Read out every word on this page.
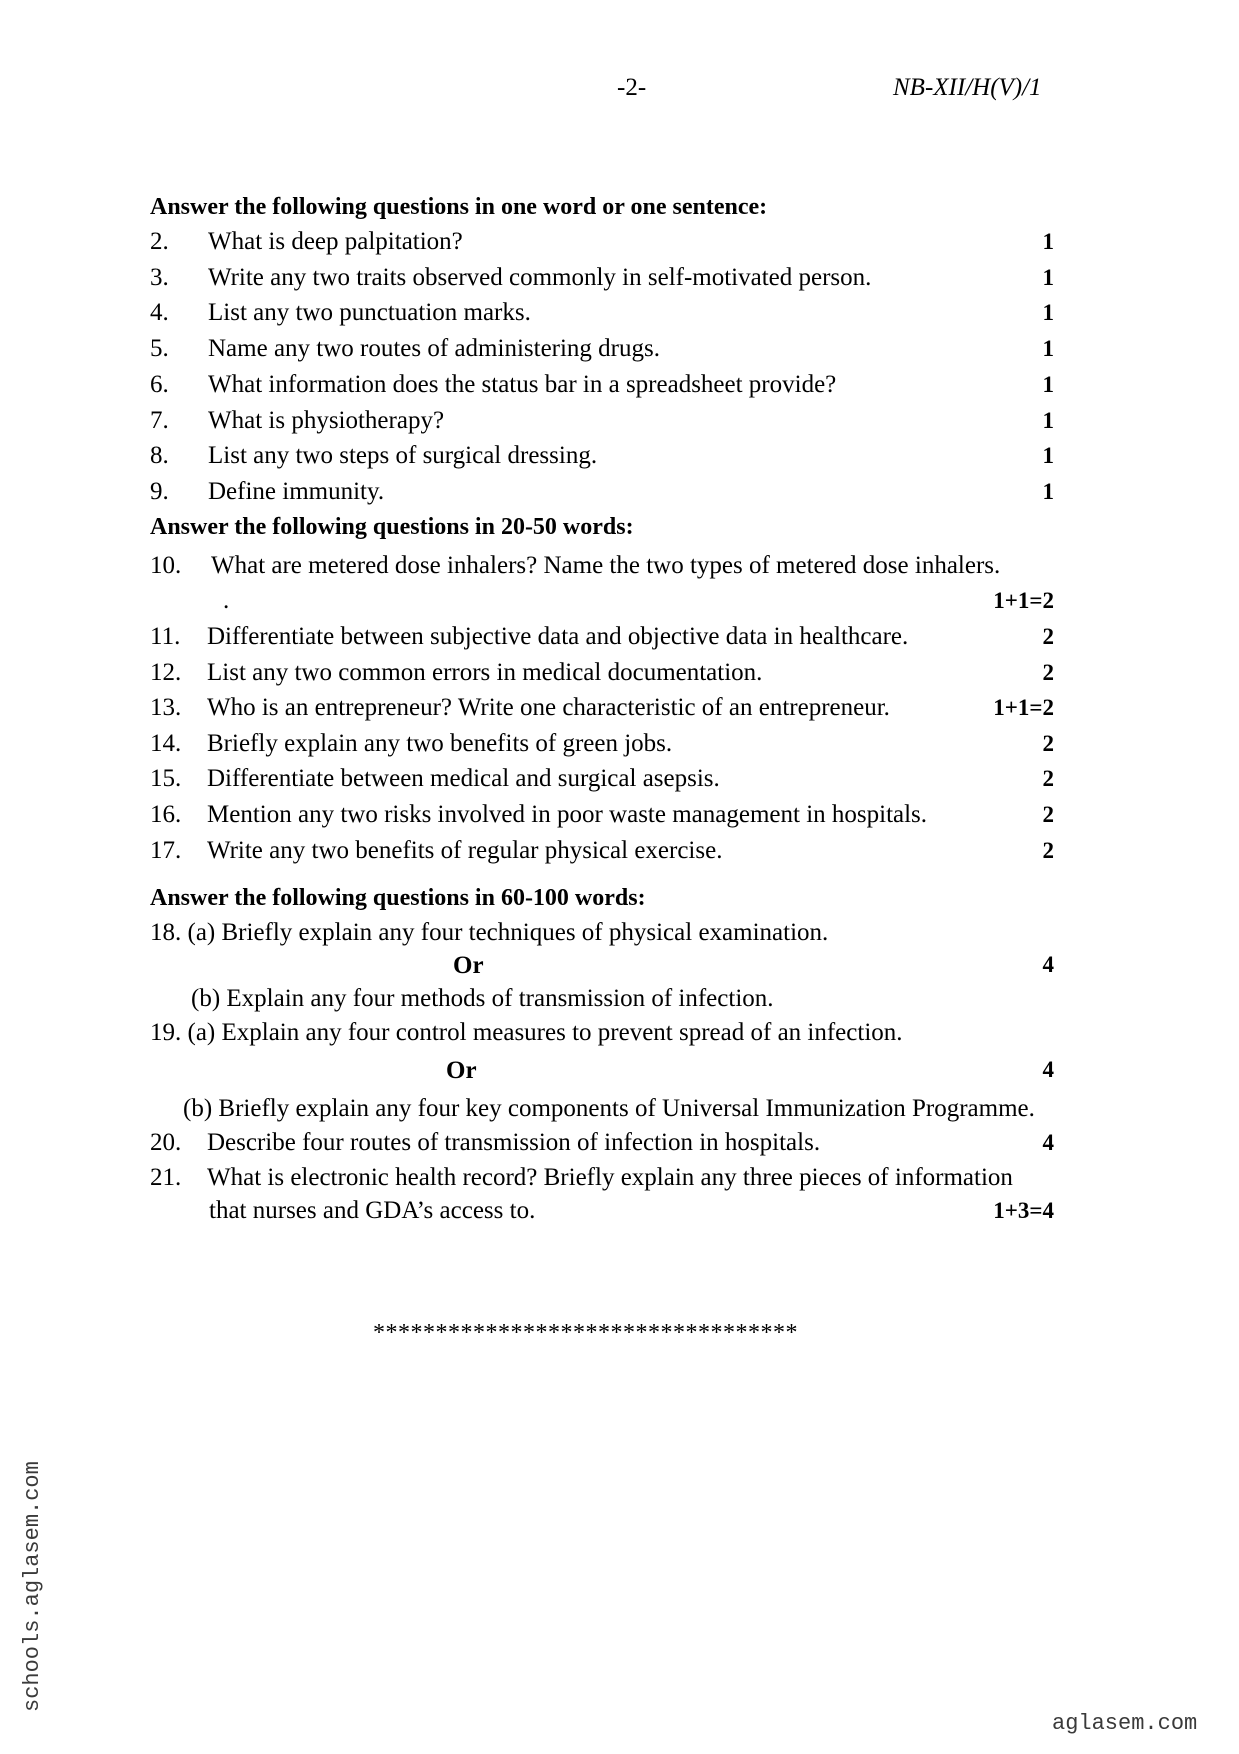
-2-	NB-XII/H(V)/1
Answer the following questions in one word or one sentence:
2. What is deep palpitation?	1
3. Write any two traits observed commonly in self-motivated person.	1
4. List any two punctuation marks.	1
5. Name any two routes of administering drugs.	1
6. What information does the status bar in a spreadsheet provide?	1
7. What is physiotherapy?	1
8. List any two steps of surgical dressing.	1
9. Define immunity.	1
Answer the following questions in 20-50 words:
10. What are metered dose inhalers? Name the two types of metered dose inhalers.
.	1+1=2
11. Differentiate between subjective data and objective data in healthcare.	2
12. List any two common errors in medical documentation.	2
13. Who is an entrepreneur? Write one characteristic of an entrepreneur.	1+1=2
14. Briefly explain any two benefits of green jobs.	2
15. Differentiate between medical and surgical asepsis.	2
16. Mention any two risks involved in poor waste management in hospitals.	2
17. Write any two benefits of regular physical exercise.	2
Answer the following questions in 60-100 words:
18. (a) Briefly explain any four techniques of physical examination.
Or	4
(b) Explain any four methods of transmission of infection.
19. (a) Explain any four control measures to prevent spread of an infection.
Or	4
(b) Briefly explain any four key components of Universal Immunization Programme.
20. Describe four routes of transmission of infection in hospitals.	4
21. What is electronic health record? Briefly explain any three pieces of information
that nurses and GDA’s access to.	1+3=4
**********************************
schools.aglasem.com
aglasem.com
